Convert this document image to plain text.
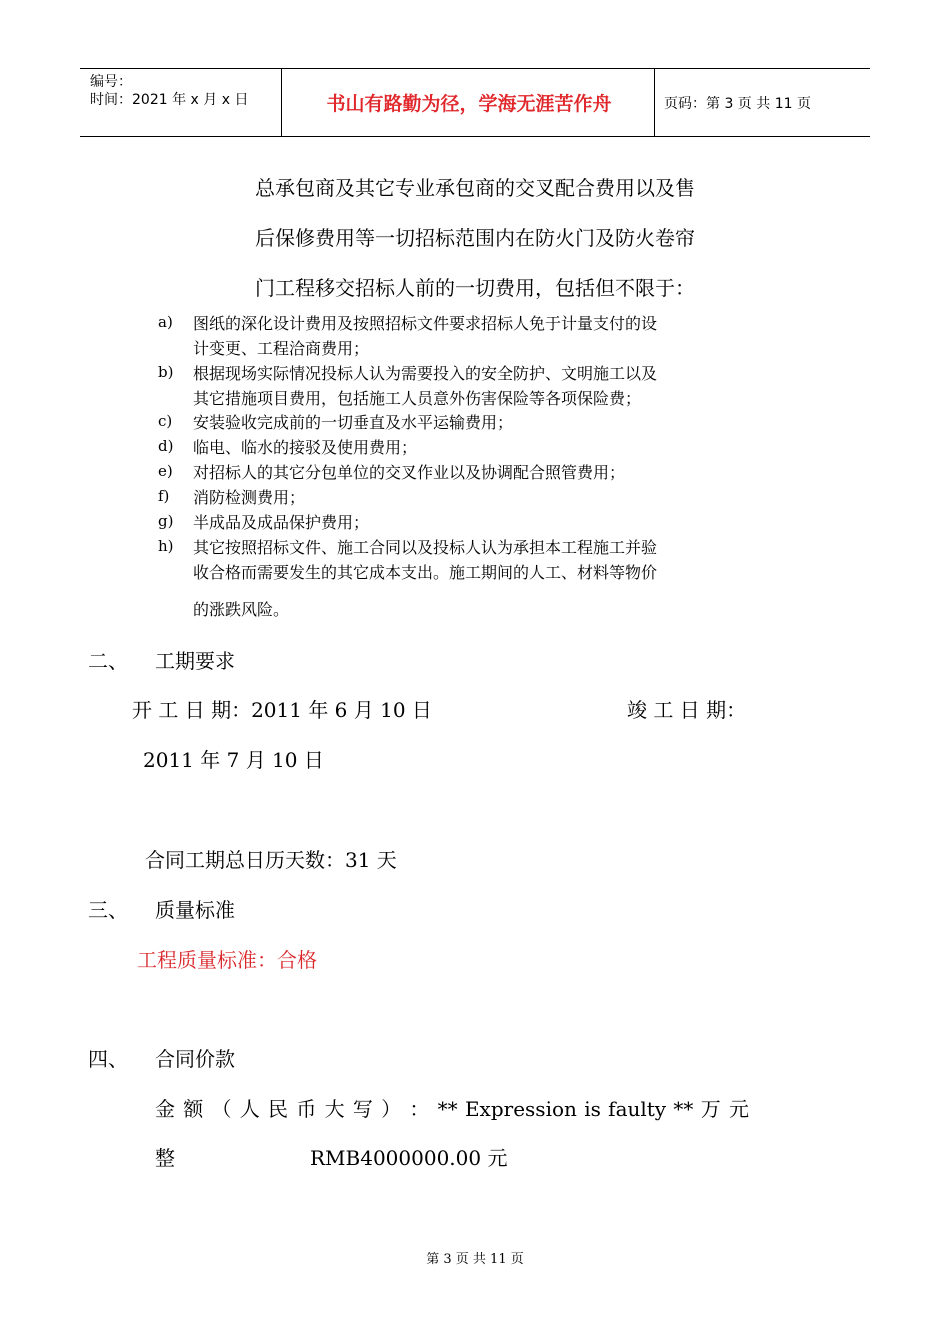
编号：
时间：2021 年 x 月 x 日	书山有路勤为径，学海无涯苦作舟	页码：第 3 页 共 11 页
总承包商及其它专业承包商的交叉配合费用以及售
后保修费用等一切招标范围内在防火门及防火卷帘
门工程移交招标人前的一切费用，包括但不限于：
a) 图纸的深化设计费用及按照招标文件要求招标人免于计量支付的设
计变更、工程洽商费用；
b) 根据现场实际情况投标人认为需要投入的安全防护、文明施工以及
其它措施项目费用，包括施工人员意外伤害保险等各项保险费；
c) 安装验收完成前的一切垂直及水平运输费用；
d) 临电、临水的接驳及使用费用；
e) 对招标人的其它分包单位的交叉作业以及协调配合照管费用；
f) 消防检测费用；
g) 半成品及成品保护费用；
h) 其它按照招标文件、施工合同以及投标人认为承担本工程施工并验
收合格而需要发生的其它成本支出。施工期间的人工、材料等物价
的涨跌风险。
二、 工期要求
开 工 日 期：2011 年 6 月 10 日	竣 工 日 期：
2011 年 7 月 10 日
合同工期总日历天数：31 天
三、 质量标准
工程质量标准：合格
四、 合同价款
金 额 （ 人 民 币 大 写 ） ： ** Expression is faulty ** 万 元
整	RMB4000000.00 元
第 3 页 共 11 页
